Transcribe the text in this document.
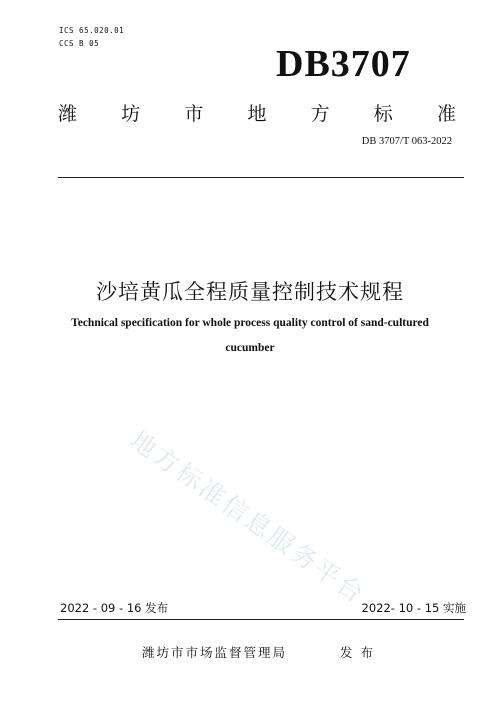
ICS 65.020.01
CCS B 05	DB3707
潍 坊 市 地 方 标 准
DB 3707/T 063-2022
沙培黄瓜全程质量控制技术规程
Technical specification for whole process quality control of sand-cultured
cucumber
地方标准信息服务平台
2022 - 09 - 16 发布	2022- 10 - 15 实施
潍坊市市场监督管理局	发 布
